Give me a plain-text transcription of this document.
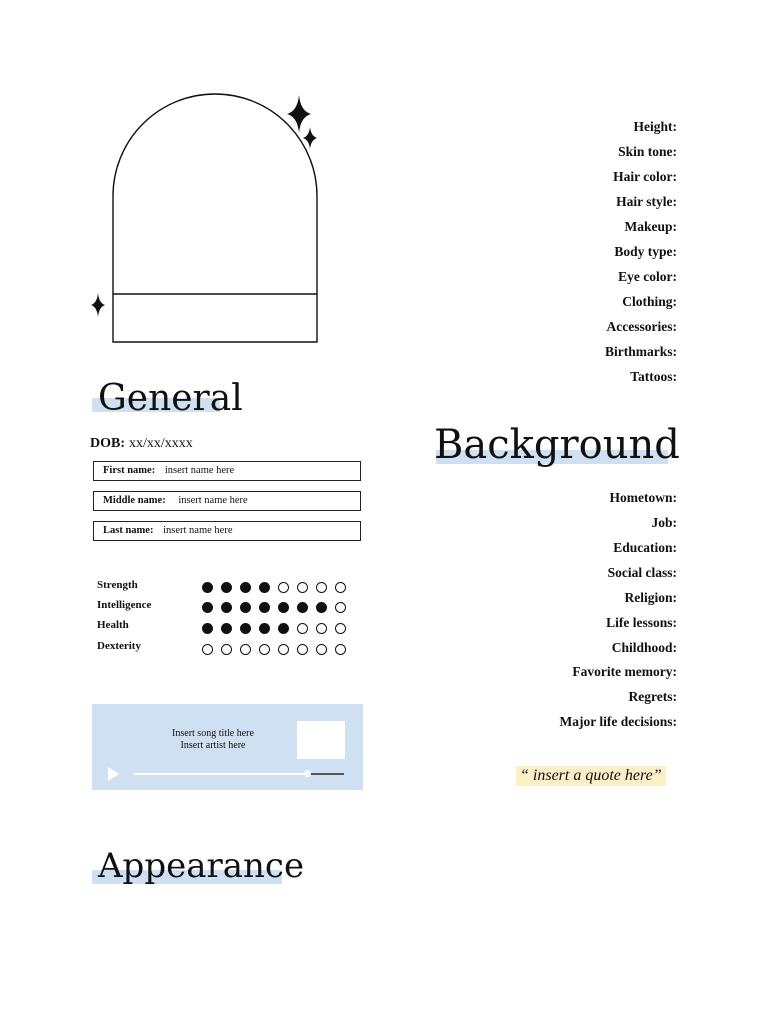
General
DOB: xx/xx/xxxx
First name: insert name here
Middle name: insert name here
Last name: insert name here
Strength
Intelligence
Health
Dexterity
Insert song title here
Insert artist here
Appearance
Height:
Skin tone:
Hair color:
Hair style:
Makeup:
Body type:
Eye color:
Clothing:
Accessories:
Birthmarks:
Tattoos:
Background
Hometown:
Job:
Education:
Social class:
Religion:
Life lessons:
Childhood:
Favorite memory:
Regrets:
Major life decisions:
“ insert a quote here”
